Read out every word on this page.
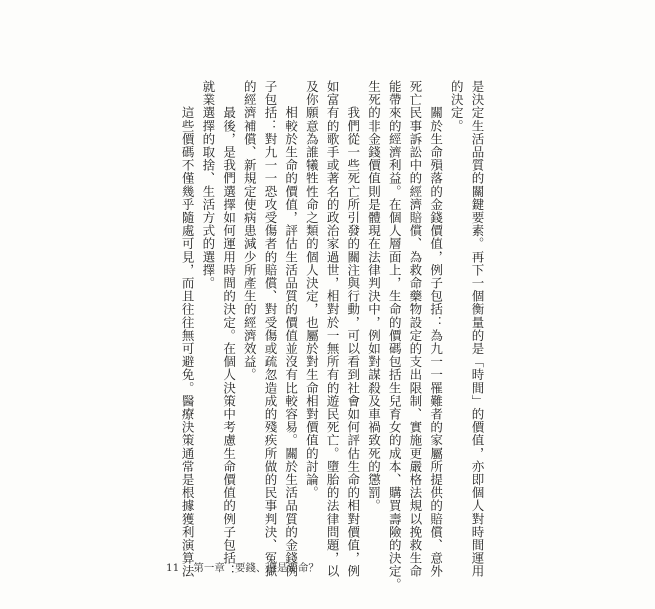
是決定生活品質的關鍵要素。再下一個衡量的是「時間」的價值，亦即個人對時間運用
的決定。
　　關於生命殞落的金錢價值，例子包括：為九一一罹難者的家屬所提供的賠償、意外
死亡民事訴訟中的經濟賠償、為救命藥物設定的支出限制、實施更嚴格法規以挽救生命
能帶來的經濟利益。在個人層面上，生命的價碼包括生兒育女的成本、購買壽險的決定。
生死的非金錢價值則是體現在法律判決中，例如對謀殺及車禍致死的懲罰。
　　我們從一些死亡所引發的關注與行動，可以看到社會如何評估生命的相對價值，例
如富有的歌手或著名的政治家過世，相對於一無所有的遊民死亡。墮胎的法律問題，以
及你願意為誰犧牲性命之類的個人決定，也屬於對生命相對價值的討論。
　　相較於生命的價值，評估生活品質的價值並沒有比較容易。關於生活品質的金錢例
子包括：對九一一恐攻受傷者的賠償、對受傷或疏忽造成的殘疾所做的民事判決、冤獄
的經濟補償、新規定使病患減少所產生的經濟效益。
　　最後，是我們選擇如何運用時間的決定。在個人決策中考慮生命價值的例子包括：
就業選擇的取捨、生活方式的選擇。
　　這些價碼不僅幾乎隨處可見，而且往往無可避免。醫療決策通常是根據獲利演算法
11 第一章 要錢、還是要命？
